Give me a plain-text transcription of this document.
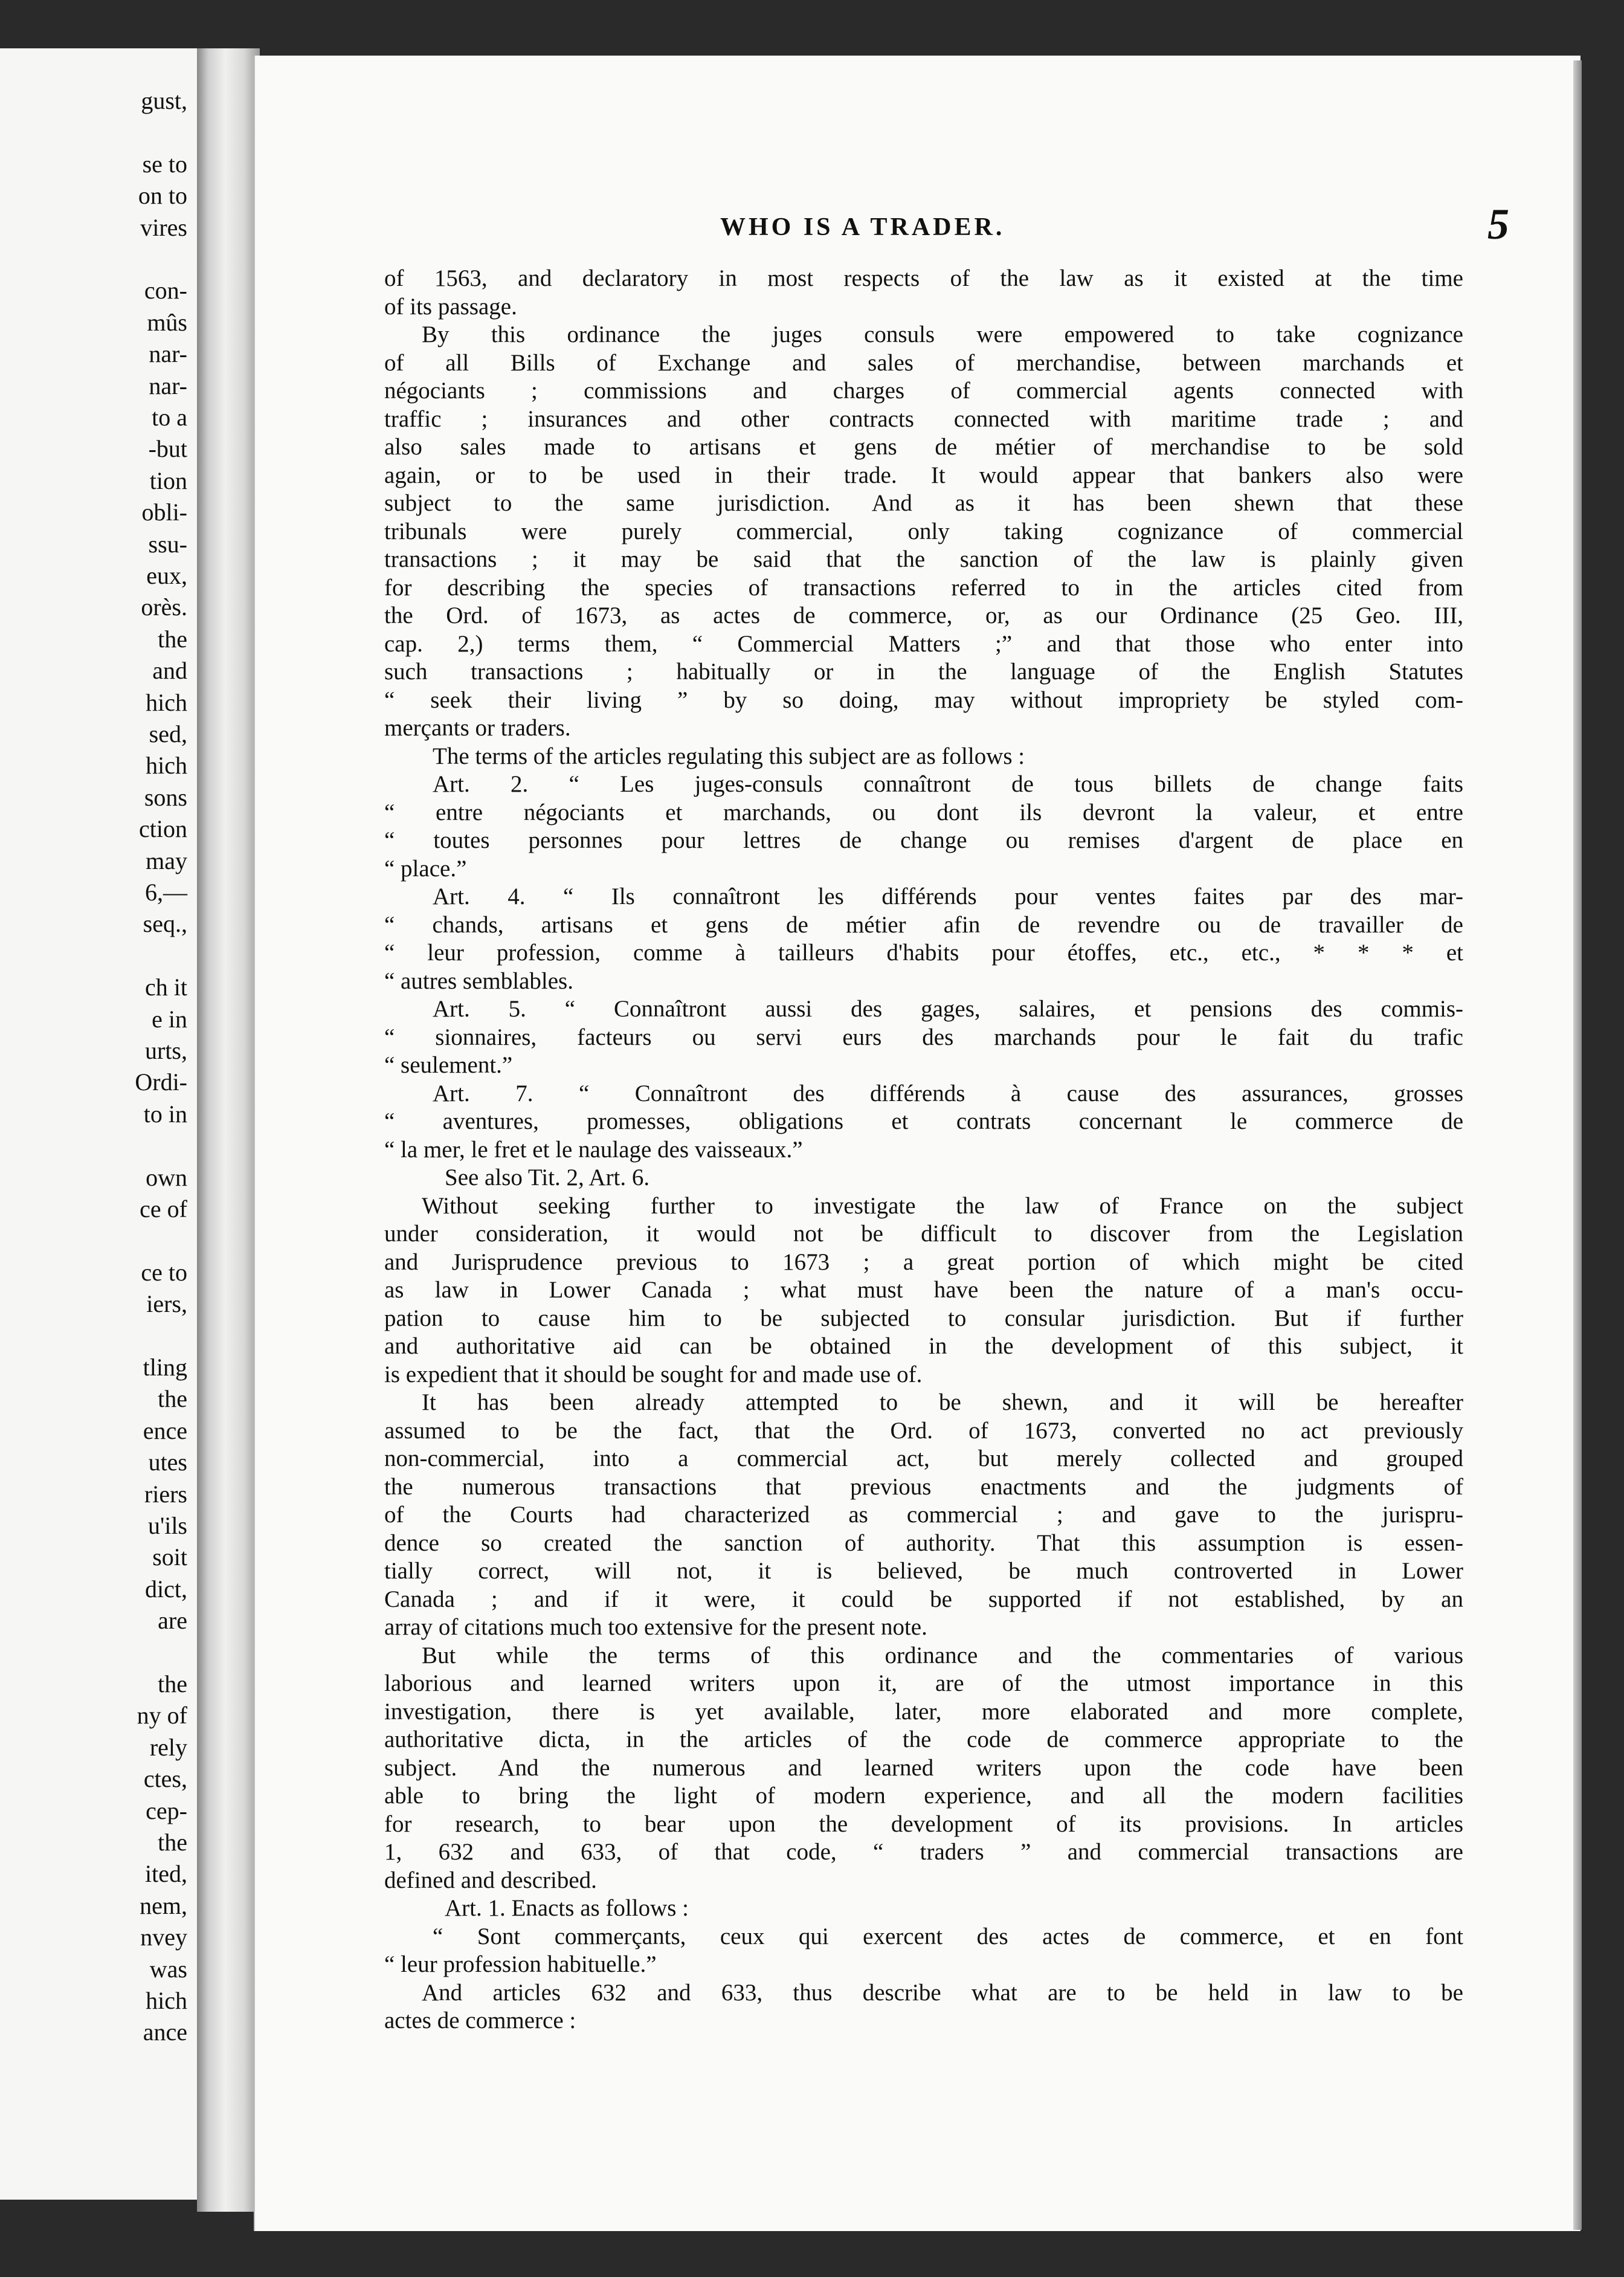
gust,
se to
on to
vires
con-
mûs
nar-
nar-
to a
-but
tion
obli-
ssu-
eux,
orès.
the
and
hich
sed,
hich
sons
ction
may
6,—
seq.,
ch it
e in
urts,
Ordi-
to in
own
ce of
ce to
iers,
tling
the
ence
utes
riers
u'ils
soit
dict,
are
the
ny of
rely
ctes,
cep-
the
ited,
nem,
nvey
was
hich
ance
WHO IS A TRADER.	5
of 1563, and declaratory in most respects of the law as it existed at the time
of its passage.
By this ordinance the juges consuls were empowered to take cognizance
of all Bills of Exchange and sales of merchandise, between marchands et
négociants ; commissions and charges of commercial agents connected with
traffic ; insurances and other contracts connected with maritime trade ; and
also sales made to artisans et gens de métier of merchandise to be sold
again, or to be used in their trade. It would appear that bankers also were
subject to the same jurisdiction. And as it has been shewn that these
tribunals were purely commercial, only taking cognizance of commercial
transactions ; it may be said that the sanction of the law is plainly given
for describing the species of transactions referred to in the articles cited from
the Ord. of 1673, as actes de commerce, or, as our Ordinance (25 Geo. III,
cap. 2,) terms them, “ Commercial Matters ;” and that those who enter into
such transactions ; habitually or in the language of the English Statutes
“ seek their living ” by so doing, may without impropriety be styled com-
merçants or traders.
The terms of the articles regulating this subject are as follows :
Art. 2. “ Les juges-consuls connaîtront de tous billets de change faits
“ entre négociants et marchands, ou dont ils devront la valeur, et entre
“ toutes personnes pour lettres de change ou remises d'argent de place en
“ place.”
Art. 4. “ Ils connaîtront les différends pour ventes faites par des mar-
“ chands, artisans et gens de métier afin de revendre ou de travailler de
“ leur profession, comme à tailleurs d'habits pour étoffes, etc., etc., * * * et
“ autres semblables.
Art. 5. “ Connaîtront aussi des gages, salaires, et pensions des commis-
“ sionnaires, facteurs ou servi eurs des marchands pour le fait du trafic
“ seulement.”
Art. 7. “ Connaîtront des différends à cause des assurances, grosses
“ aventures, promesses, obligations et contrats concernant le commerce de
“ la mer, le fret et le naulage des vaisseaux.”
See also Tit. 2, Art. 6.
Without seeking further to investigate the law of France on the subject
under consideration, it would not be difficult to discover from the Legislation
and Jurisprudence previous to 1673 ; a great portion of which might be cited
as law in Lower Canada ; what must have been the nature of a man's occu-
pation to cause him to be subjected to consular jurisdiction. But if further
and authoritative aid can be obtained in the development of this subject, it
is expedient that it should be sought for and made use of.
It has been already attempted to be shewn, and it will be hereafter
assumed to be the fact, that the Ord. of 1673, converted no act previously
non-commercial, into a commercial act, but merely collected and grouped
the numerous transactions that previous enactments and the judgments of
of the Courts had characterized as commercial ; and gave to the jurispru-
dence so created the sanction of authority. That this assumption is essen-
tially correct, will not, it is believed, be much controverted in Lower
Canada ; and if it were, it could be supported if not established, by an
array of citations much too extensive for the present note.
But while the terms of this ordinance and the commentaries of various
laborious and learned writers upon it, are of the utmost importance in this
investigation, there is yet available, later, more elaborated and more complete,
authoritative dicta, in the articles of the code de commerce appropriate to the
subject. And the numerous and learned writers upon the code have been
able to bring the light of modern experience, and all the modern facilities
for research, to bear upon the development of its provisions. In articles
1, 632 and 633, of that code, “ traders ” and commercial transactions are
defined and described.
Art. 1. Enacts as follows :
“ Sont commerçants, ceux qui exercent des actes de commerce, et en font
“ leur profession habituelle.”
And articles 632 and 633, thus describe what are to be held in law to be
actes de commerce :
